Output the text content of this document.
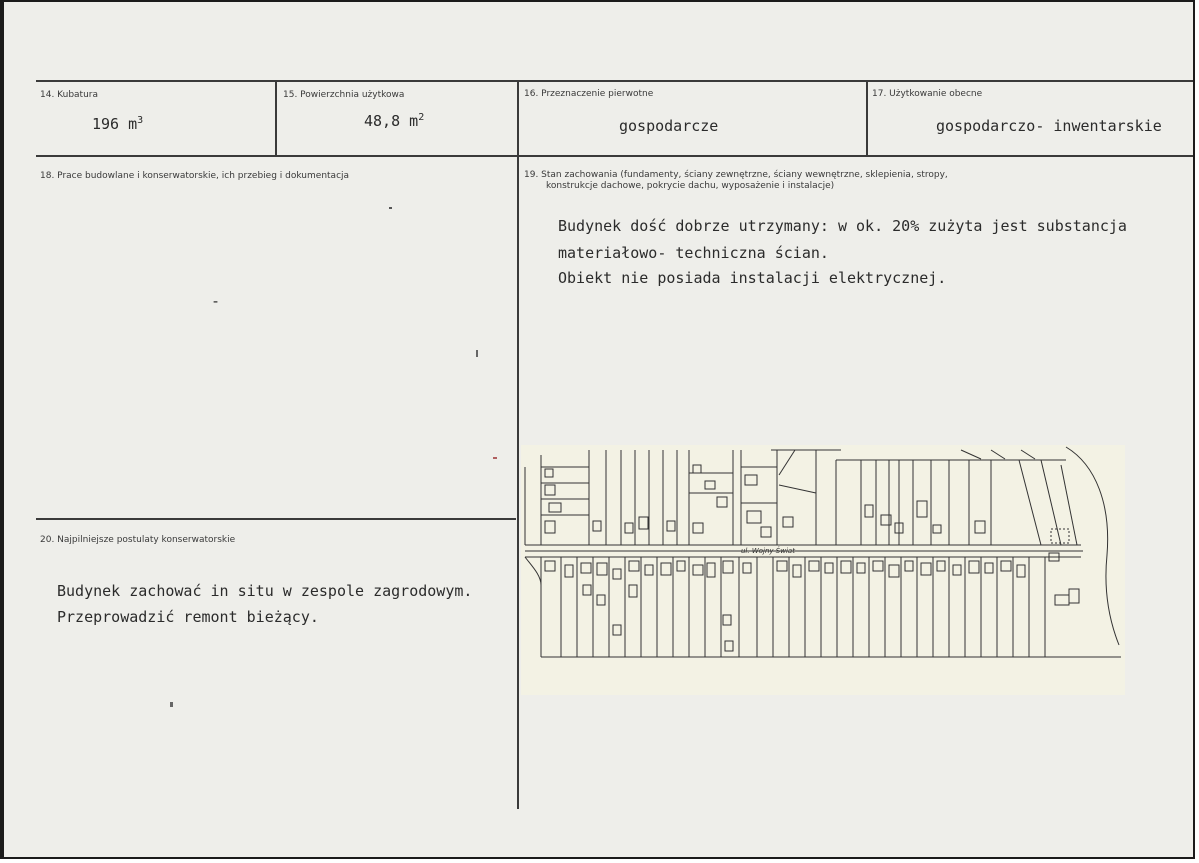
14. Kubatura
196 $m^3$
15. Powierzchnia użytkowa
48,8 $m^2$
16. Przeznaczenie pierwotne
gospodarcze
17. Użytkowanie obecne
gospodarczo- inwentarskie
18. Prace budowlane i konserwatorskie, ich przebieg i dokumentacja
-
19. Stan zachowania (fundamenty, ściany zewnętrzne, ściany wewnętrzne, sklepienia, stropy,
konstrukcje dachowe, pokrycie dachu, wyposażenie i instalacje)
Budynek dość dobrze utrzymany: w ok. 20% zużyta jest substancja
materiałowo- techniczna ścian.
Obiekt nie posiada instalacji elektrycznej.
20. Najpilniejsze postulaty konserwatorskie
Budynek zachować in situ w zespole zagrodowym.
Przeprowadzić remont bieżący.
ul. Wojny Świat
